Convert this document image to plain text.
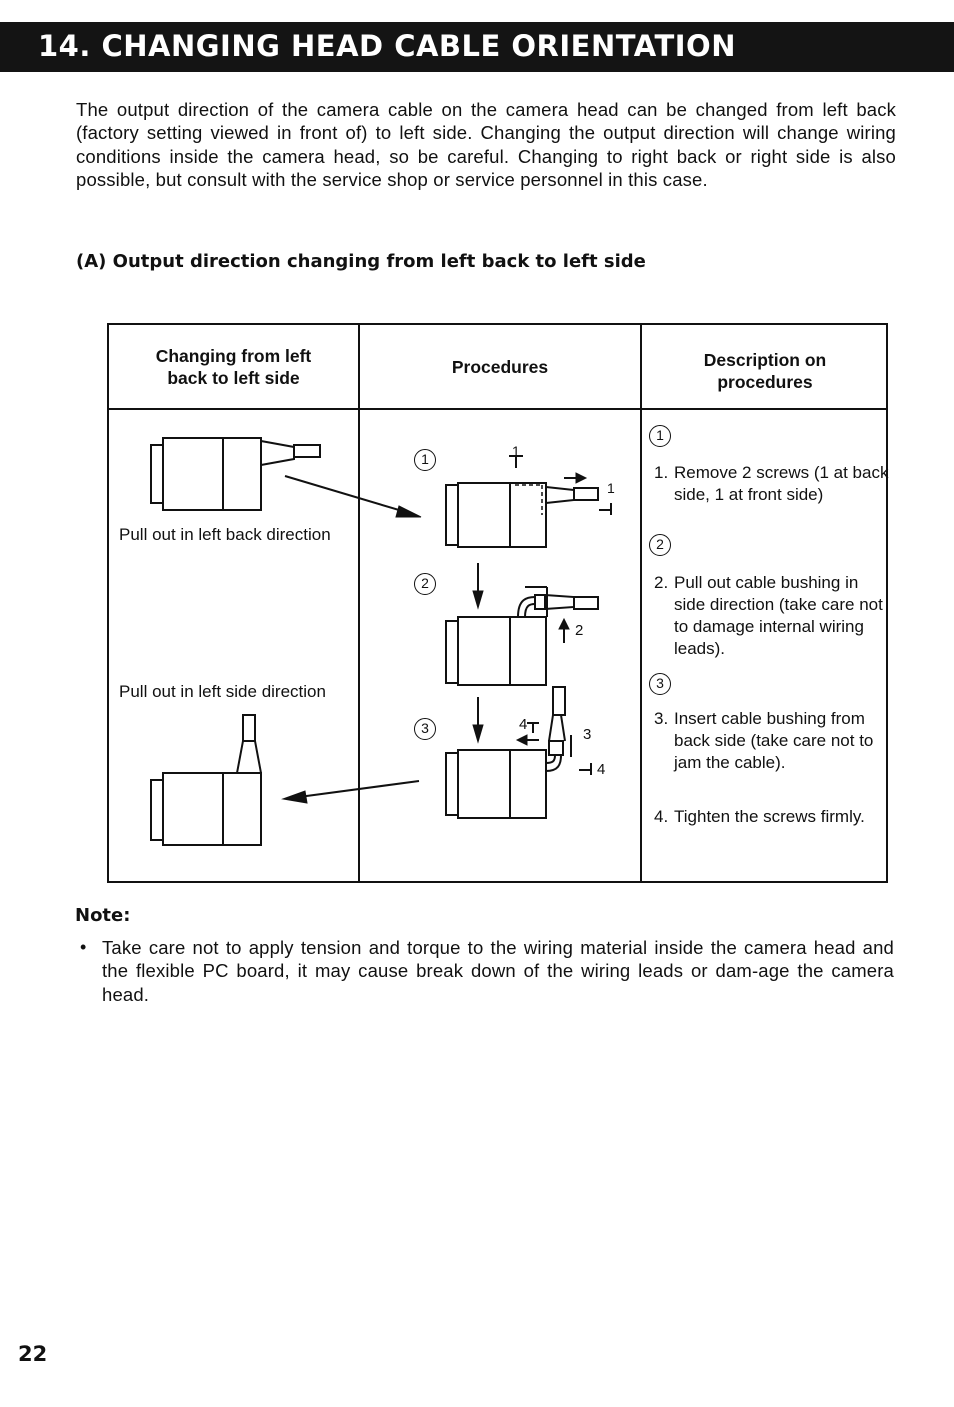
14. CHANGING HEAD CABLE ORIENTATION
The output direction of the camera cable on the camera head can be changed from left back (factory setting viewed in front of) to left side. Changing the output direction will change wiring conditions inside the camera head, so be careful. Changing to right back or right side is also possible, but consult with the service shop or service personnel in this case.
(A) Output direction changing from left back to left side
Changing from left
back to left side
Procedures	Description on
procedures
Pull out in left back direction
Pull out in left side direction
1
2
3
1
1
2
4
3
4
1
2
3
1. Remove 2 screws (1 at back side, 1 at front side)
2. Pull out cable bushing in side direction (take care not to damage internal wiring leads).
3. Insert cable bushing from back side (take care not to jam the cable).
4. Tighten the screws firmly.
Note:
• Take care not to apply tension and torque to the wiring material inside the camera head and the flexible PC board, it may cause break down of the wiring leads or dam-age the camera head.
22
